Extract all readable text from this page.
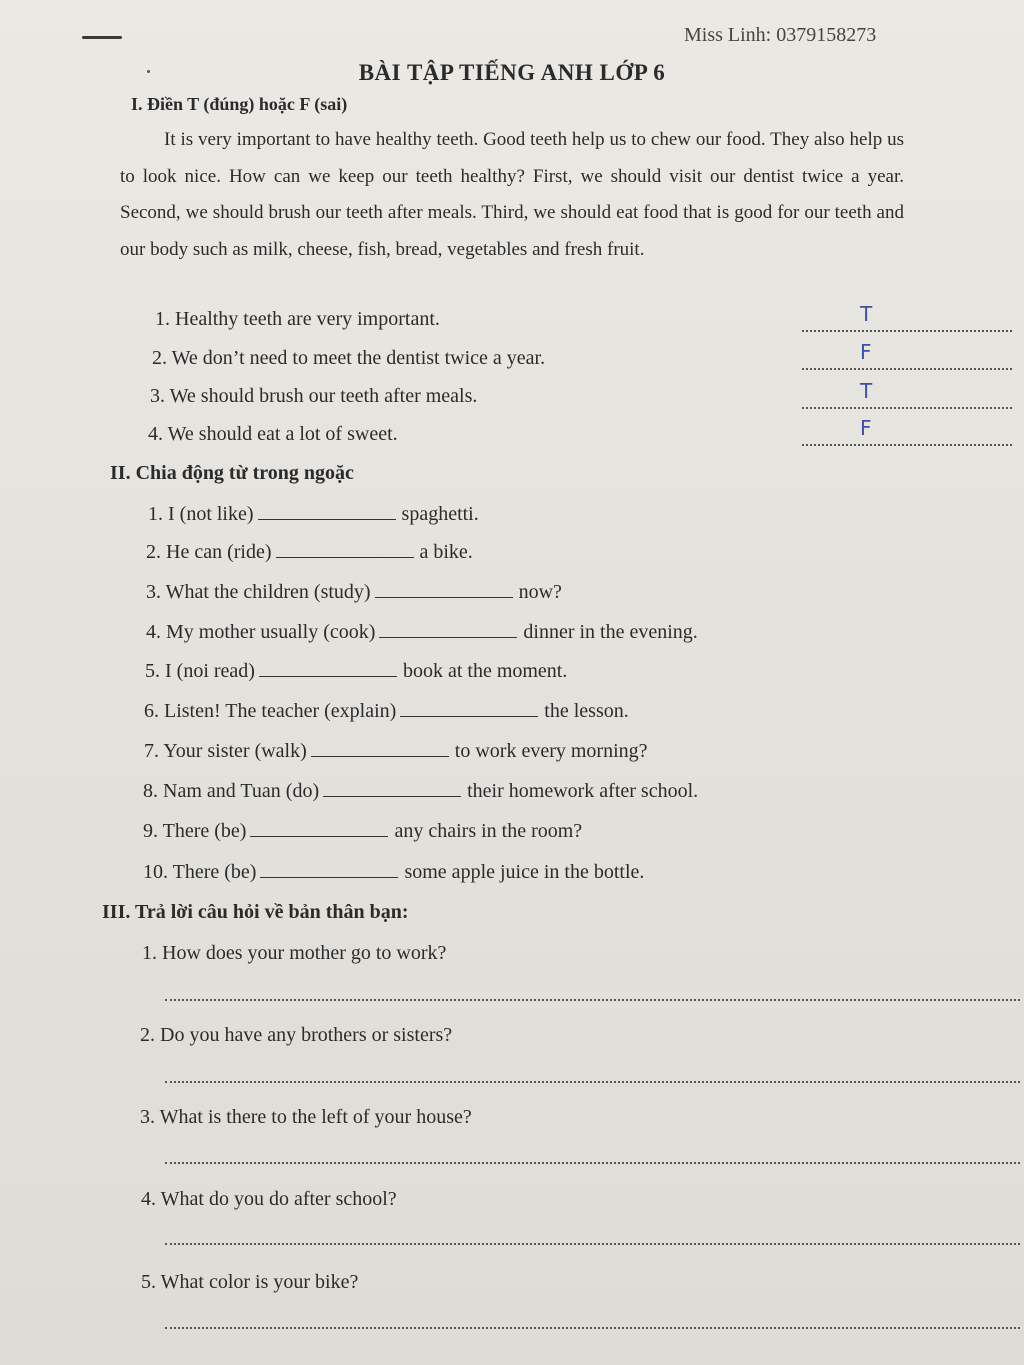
Miss Linh: 0379158273
BÀI TẬP TIẾNG ANH LỚP 6
I. Điền T (đúng) hoặc F (sai)
It is very important to have healthy teeth. Good teeth help us to chew our food. They also help us to look nice. How can we keep our teeth healthy? First, we should visit our dentist twice a year. Second, we should brush our teeth after meals. Third, we should eat food that is good for our teeth and our body such as milk, cheese, fish, bread, vegetables and fresh fruit.
1. Healthy teeth are very important.	T
2. We don’t need to meet the dentist twice a year.	F
3. We should brush our teeth after meals.	T
4. We should eat a lot of sweet.	F
II. Chia động từ trong ngoặc
1. I (not like)	spaghetti.
2. He can (ride)	a bike.
3. What the children (study)	now?
4. My mother usually (cook)	dinner in the evening.
5. I (noi read)	book at the moment.
6. Listen! The teacher (explain)	the lesson.
7. Your sister (walk)	to work every morning?
8. Nam and Tuan (do)	their homework after school.
9. There (be)	any chairs in the room?
10. There (be)	some apple juice in the bottle.
III. Trả lời câu hỏi về bản thân bạn:
1. How does your mother go to work?
2. Do you have any brothers or sisters?
3. What is there to the left of your house?
4. What do you do after school?
5. What color is your bike?
